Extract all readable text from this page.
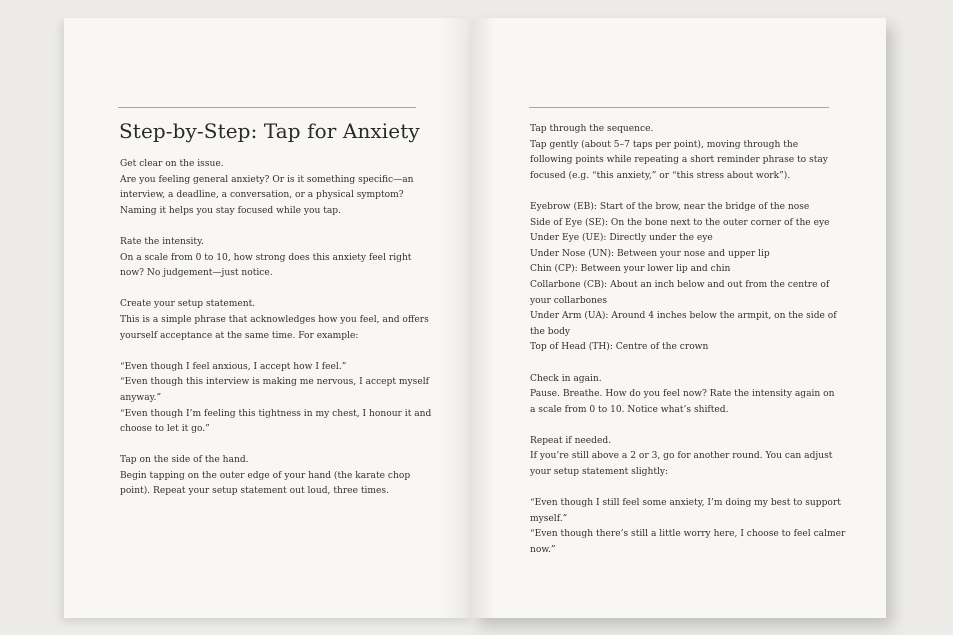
Step-by-Step: Tap for Anxiety
Get clear on the issue.
Are you feeling general anxiety? Or is it something specific—an
interview, a deadline, a conversation, or a physical symptom?
Naming it helps you stay focused while you tap.
Rate the intensity.
On a scale from 0 to 10, how strong does this anxiety feel right
now? No judgement—just notice.
Create your setup statement.
This is a simple phrase that acknowledges how you feel, and offers
yourself acceptance at the same time. For example:
“Even though I feel anxious, I accept how I feel.”
“Even though this interview is making me nervous, I accept myself
anyway.”
“Even though I’m feeling this tightness in my chest, I honour it and
choose to let it go.”
Tap on the side of the hand.
Begin tapping on the outer edge of your hand (the karate chop
point). Repeat your setup statement out loud, three times.
Tap through the sequence.
Tap gently (about 5–7 taps per point), moving through the
following points while repeating a short reminder phrase to stay
focused (e.g. “this anxiety,” or “this stress about work”).
Eyebrow (EB): Start of the brow, near the bridge of the nose
Side of Eye (SE): On the bone next to the outer corner of the eye
Under Eye (UE): Directly under the eye
Under Nose (UN): Between your nose and upper lip
Chin (CP): Between your lower lip and chin
Collarbone (CB): About an inch below and out from the centre of
your collarbones
Under Arm (UA): Around 4 inches below the armpit, on the side of
the body
Top of Head (TH): Centre of the crown
Check in again.
Pause. Breathe. How do you feel now? Rate the intensity again on
a scale from 0 to 10. Notice what’s shifted.
Repeat if needed.
If you’re still above a 2 or 3, go for another round. You can adjust
your setup statement slightly:
“Even though I still feel some anxiety, I’m doing my best to support
myself.”
“Even though there’s still a little worry here, I choose to feel calmer
now.”
